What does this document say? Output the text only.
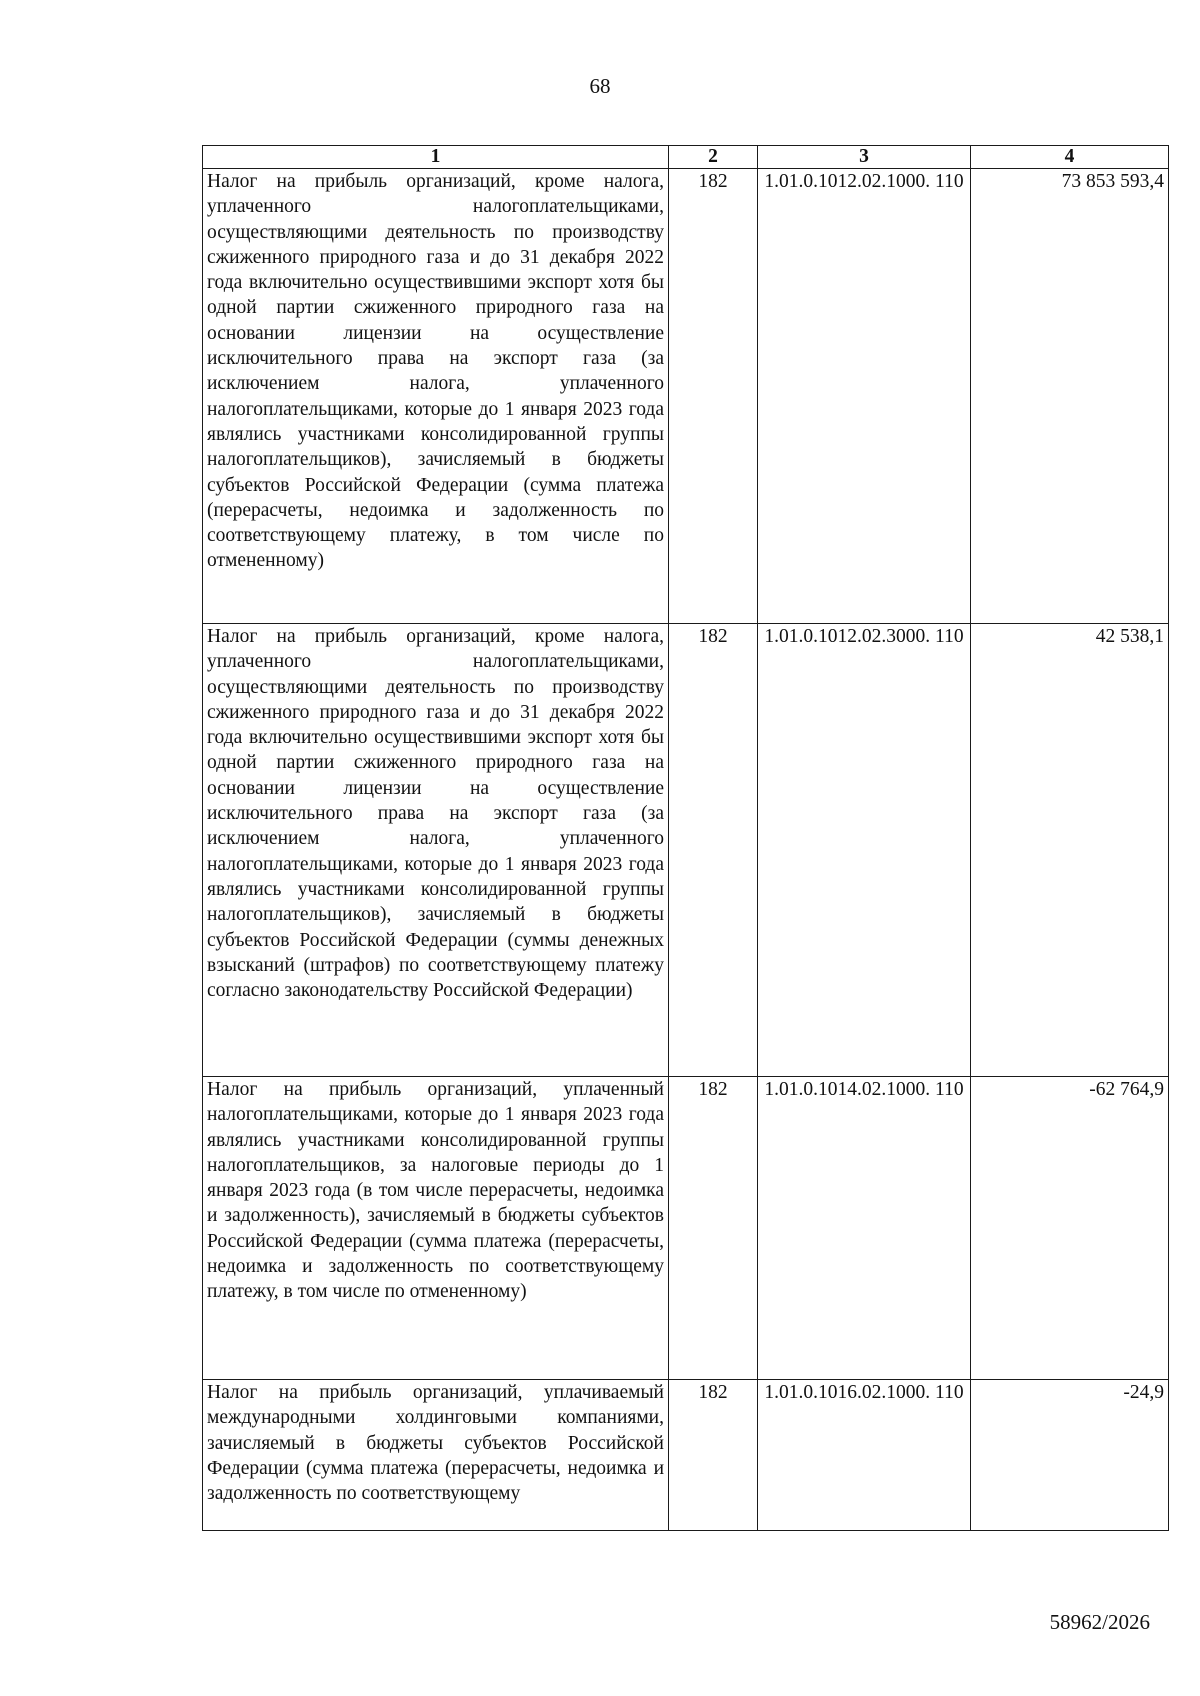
68
1	2	3	4
Налог на прибыль организаций, кроме налога, уплаченного налогоплательщиками, осуществляющими деятельность по производству сжиженного природного газа и до 31 декабря 2022 года включительно осуществившими экспорт хотя бы одной партии сжиженного природного газа на основании лицензии на осуществление исключительного права на экспорт газа (за исключением налога, уплаченного налогоплательщиками, которые до 1 января 2023 года являлись участниками консолидированной группы налогоплательщиков), зачисляемый в бюджеты субъектов Российской Федерации (сумма платежа (перерасчеты, недоимка и задолженность по соответствующему платежу, в том числе по отмененному)	182	1.01.0.1012.02.1000. 110	73 853 593,4
Налог на прибыль организаций, кроме налога, уплаченного налогоплательщиками, осуществляющими деятельность по производству сжиженного природного газа и до 31 декабря 2022 года включительно осуществившими экспорт хотя бы одной партии сжиженного природного газа на основании лицензии на осуществление исключительного права на экспорт газа (за исключением налога, уплаченного налогоплательщиками, которые до 1 января 2023 года являлись участниками консолидированной группы налогоплательщиков), зачисляемый в бюджеты субъектов Российской Федерации (суммы денежных взысканий (штрафов) по соответствующему платежу согласно законодательству Российской Федерации)	182	1.01.0.1012.02.3000. 110	42 538,1
Налог на прибыль организаций, уплаченный налогоплательщиками, которые до 1 января 2023 года являлись участниками консолидированной группы налогоплательщиков, за налоговые периоды до 1 января 2023 года (в том числе перерасчеты, недоимка и задолженность), зачисляемый в бюджеты субъектов Российской Федерации (сумма платежа (перерасчеты, недоимка и задолженность по соответствующему платежу, в том числе по отмененному)	182	1.01.0.1014.02.1000. 110	-62 764,9
Налог на прибыль организаций, уплачиваемый международными холдинговыми компаниями, зачисляемый в бюджеты субъектов Российской Федерации (сумма платежа (перерасчеты, недоимка и задолженность по соответствующему	182	1.01.0.1016.02.1000. 110	-24,9
58962/2026
